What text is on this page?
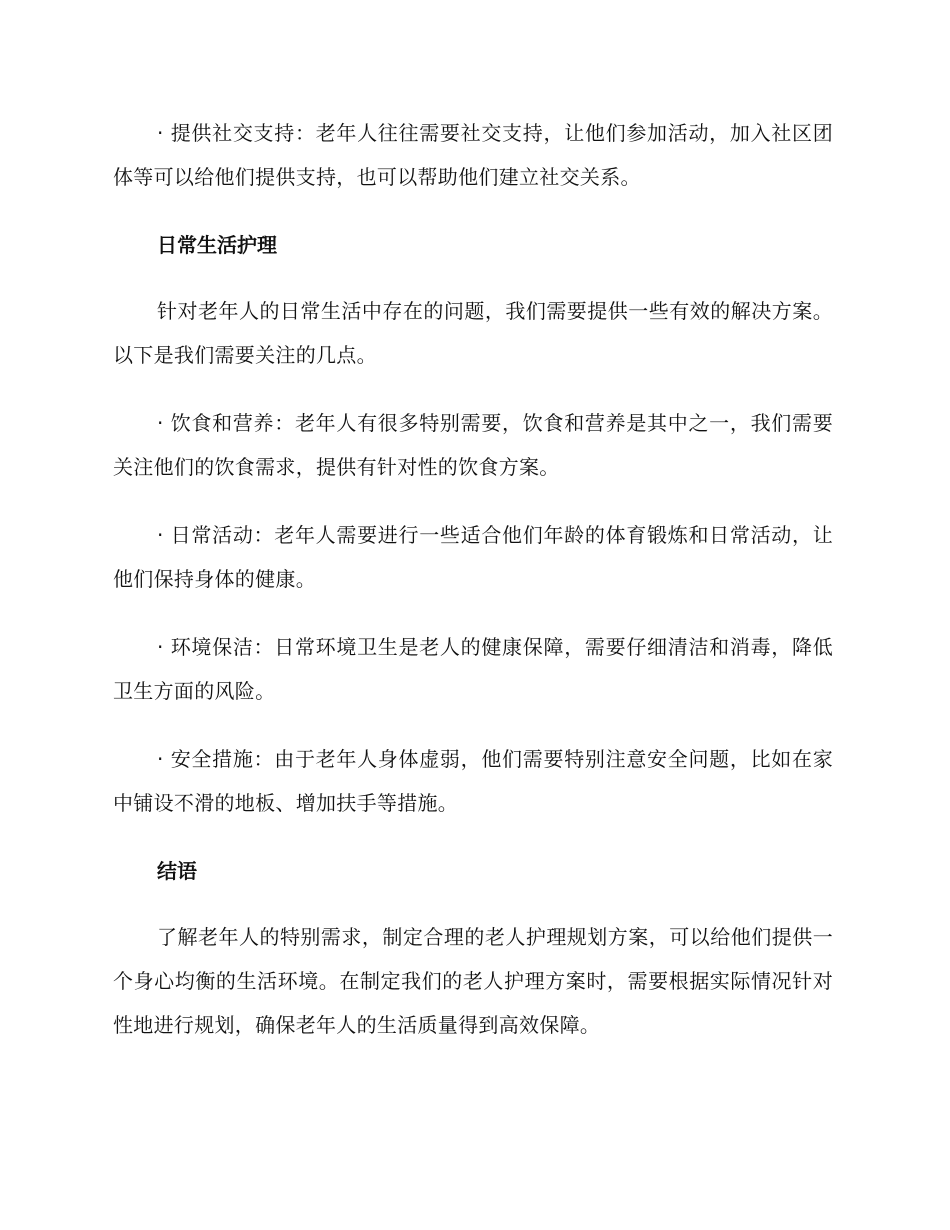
· 提供社交支持：老年人往往需要社交支持，让他们参加活动，加入社区团体等可以给他们提供支持，也可以帮助他们建立社交关系。

日常生活护理

针对老年人的日常生活中存在的问题，我们需要提供一些有效的解决方案。以下是我们需要关注的几点。

· 饮食和营养：老年人有很多特别需要，饮食和营养是其中之一，我们需要关注他们的饮食需求，提供有针对性的饮食方案。

· 日常活动：老年人需要进行一些适合他们年龄的体育锻炼和日常活动，让他们保持身体的健康。

· 环境保洁：日常环境卫生是老人的健康保障，需要仔细清洁和消毒，降低卫生方面的风险。

· 安全措施：由于老年人身体虚弱，他们需要特别注意安全问题，比如在家中铺设不滑的地板、增加扶手等措施。

结语

了解老年人的特别需求，制定合理的老人护理规划方案，可以给他们提供一个身心均衡的生活环境。在制定我们的老人护理方案时，需要根据实际情况针对性地进行规划，确保老年人的生活质量得到高效保障。
